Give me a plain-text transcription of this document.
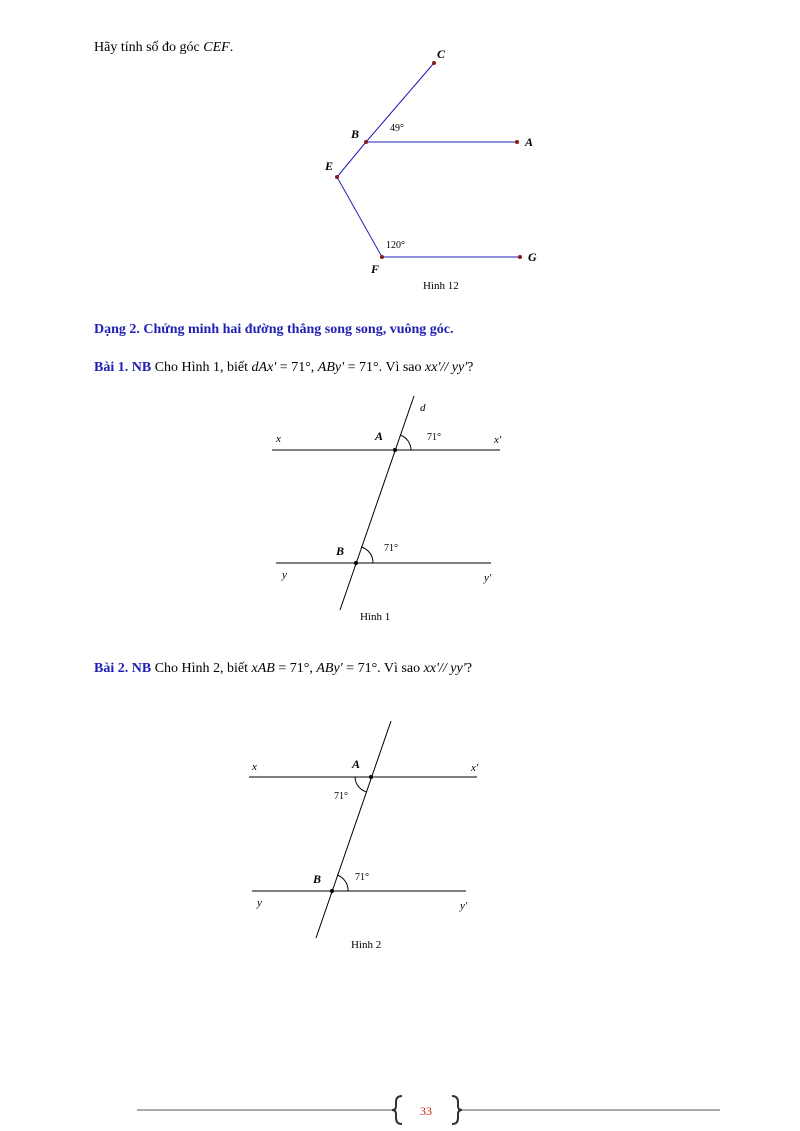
Hãy tính số đo góc CEF.	C
B
A
E
F
G
49°
120°
Hình 12
Dạng 2. Chứng minh hai đường thẳng song song, vuông góc.
Bài 1. NB Cho Hình 1, biết dAx' = 71°, ABy' = 71°. Vì sao xx'// yy'?
x	x'
y	y'
d
A
B
71°
71°
Hình 1
Bài 2. NB Cho Hình 2, biết xAB = 71°, ABy' = 71°. Vì sao xx'// yy'?
x	x'
y	y'
A
B
71°
71°
Hình 2
33
